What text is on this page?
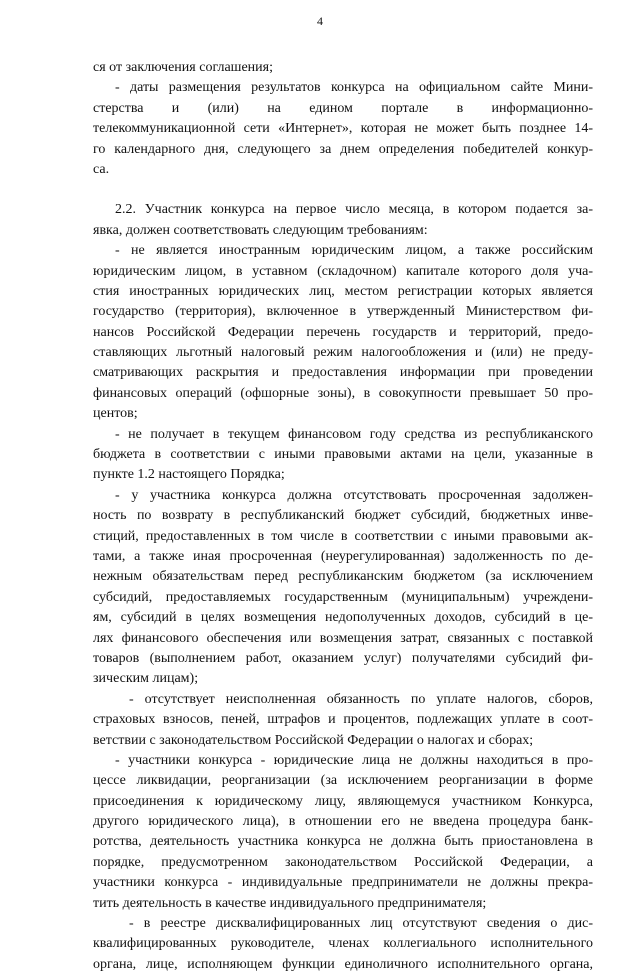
4
ся от заключения соглашения;
- даты размещения результатов конкурса на официальном сайте Мини-
стерства и (или) на едином портале в информационно-
телекоммуникационной сети «Интернет», которая не может быть позднее 14-
го календарного дня, следующего за днем определения победителей конкур-
са.
2.2. Участник конкурса на первое число месяца, в котором подается за-
явка, должен соответствовать следующим требованиям:
- не является иностранным юридическим лицом, а также российским
юридическим лицом, в уставном (складочном) капитале которого доля уча-
стия иностранных юридических лиц, местом регистрации которых является
государство (территория), включенное в утвержденный Министерством фи-
нансов Российской Федерации перечень государств и территорий, предо-
ставляющих льготный налоговый режим налогообложения и (или) не преду-
сматривающих раскрытия и предоставления информации при проведении
финансовых операций (офшорные зоны), в совокупности превышает 50 про-
центов;
- не получает в текущем финансовом году средства из республиканского
бюджета в соответствии с иными правовыми актами на цели, указанные в
пункте 1.2 настоящего Порядка;
- у участника конкурса должна отсутствовать просроченная задолжен-
ность по возврату в республиканский бюджет субсидий, бюджетных инве-
стиций, предоставленных в том числе в соответствии с иными правовыми ак-
тами, а также иная просроченная (неурегулированная) задолженность по де-
нежным обязательствам перед республиканским бюджетом (за исключением
субсидий, предоставляемых государственным (муниципальным) учреждени-
ям, субсидий в целях возмещения недополученных доходов, субсидий в це-
лях финансового обеспечения или возмещения затрат, связанных с поставкой
товаров (выполнением работ, оказанием услуг) получателями субсидий фи-
зическим лицам);
- отсутствует неисполненная обязанность по уплате налогов, сборов,
страховых взносов, пеней, штрафов и процентов, подлежащих уплате в соот-
ветствии с законодательством Российской Федерации о налогах и сборах;
- участники конкурса - юридические лица не должны находиться в про-
цессе ликвидации, реорганизации (за исключением реорганизации в форме
присоединения к юридическому лицу, являющемуся участником Конкурса,
другого юридического лица), в отношении его не введена процедура банк-
ротства, деятельность участника конкурса не должна быть приостановлена в
порядке, предусмотренном законодательством Российской Федерации, а
участники конкурса - индивидуальные предприниматели не должны прекра-
тить деятельность в качестве индивидуального предпринимателя;
- в реестре дисквалифицированных лиц отсутствуют сведения о дис-
квалифицированных руководителе, членах коллегиального исполнительного
органа, лице, исполняющем функции единоличного исполнительного органа,
